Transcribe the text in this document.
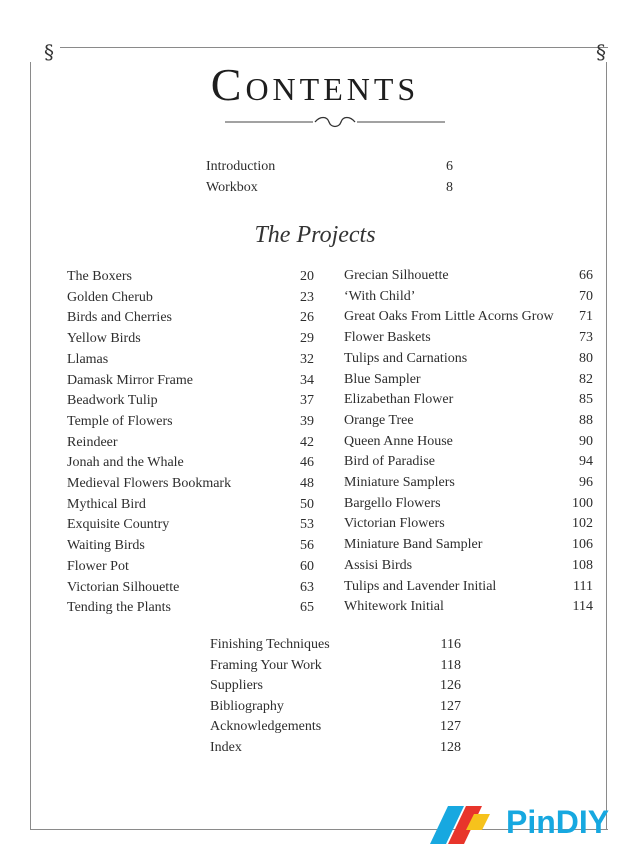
§	§
Contents
Introduction	6
Workbox	8
The Projects
The Boxers	20
Golden Cherub	23
Birds and Cherries	26
Yellow Birds	29
Llamas	32
Damask Mirror Frame	34
Beadwork Tulip	37
Temple of Flowers	39
Reindeer	42
Jonah and the Whale	46
Medieval Flowers Bookmark	48
Mythical Bird	50
Exquisite Country	53
Waiting Birds	56
Flower Pot	60
Victorian Silhouette	63
Tending the Plants	65
Grecian Silhouette	66
‘With Child’	70
Great Oaks From Little Acorns Grow	71
Flower Baskets	73
Tulips and Carnations	80
Blue Sampler	82
Elizabethan Flower	85
Orange Tree	88
Queen Anne House	90
Bird of Paradise	94
Miniature Samplers	96
Bargello Flowers	100
Victorian Flowers	102
Miniature Band Sampler	106
Assisi Birds	108
Tulips and Lavender Initial	111
Whitework Initial	114
Finishing Techniques	116
Framing Your Work	118
Suppliers	126
Bibliography	127
Acknowledgements	127
Index	128
PinDIY
